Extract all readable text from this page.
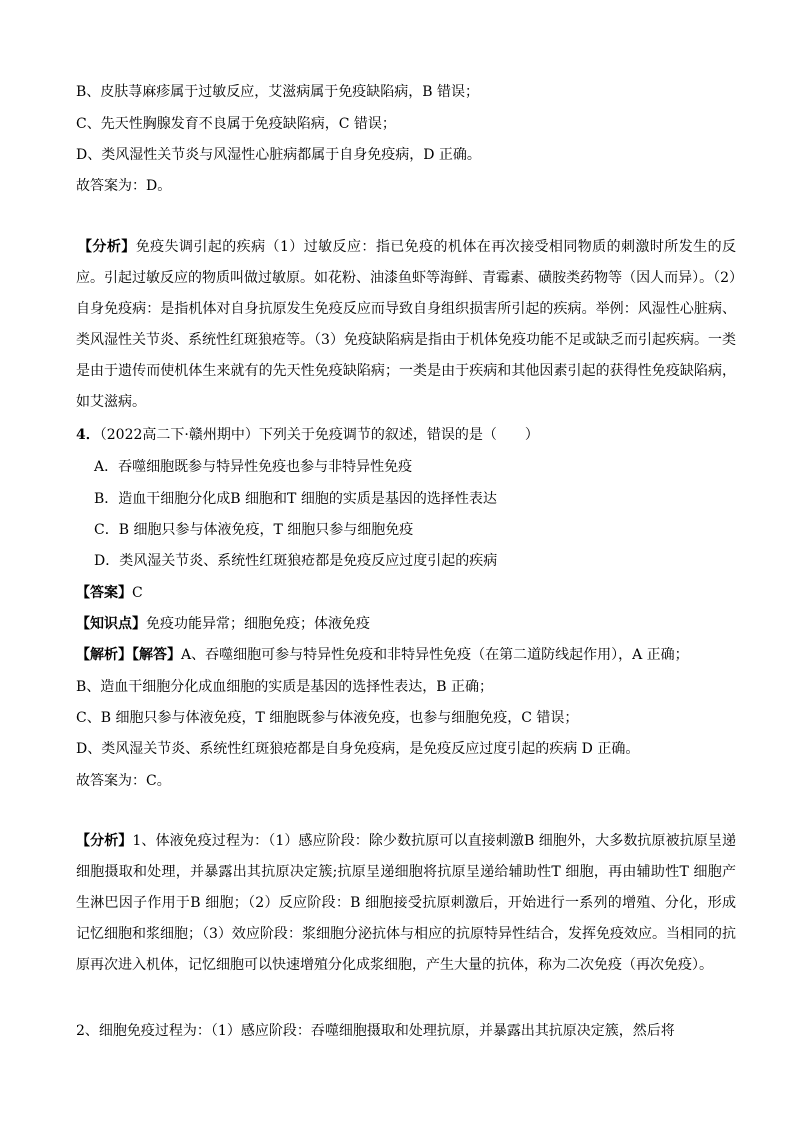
B、皮肤荨麻疹属于过敏反应，艾滋病属于免疫缺陷病，B 错误；
C、先天性胸腺发育不良属于免疫缺陷病，C 错误；
D、类风湿性关节炎与风湿性心脏病都属于自身免疫病，D 正确。
故答案为：D。
【分析】免疫失调引起的疾病（1）过敏反应：指已免疫的机体在再次接受相同物质的刺激时所发生的反应。引起过敏反应的物质叫做过敏原。如花粉、油漆鱼虾等海鲜、青霉素、磺胺类药物等（因人而异）。（2）自身免疫病：是指机体对自身抗原发生免疫反应而导致自身组织损害所引起的疾病。举例：风湿性心脏病、类风湿性关节炎、系统性红斑狼疮等。（3）免疫缺陷病是指由于机体免疫功能不足或缺乏而引起疾病。一类是由于遗传而使机体生来就有的先天性免疫缺陷病；一类是由于疾病和其他因素引起的获得性免疫缺陷病，如艾滋病。
4．（2022高二下·赣州期中）下列关于免疫调节的叙述，错误的是（　　）
A．吞噬细胞既参与特异性免疫也参与非特异性免疫
B．造血干细胞分化成B 细胞和T 细胞的实质是基因的选择性表达
C．B 细胞只参与体液免疫，T 细胞只参与细胞免疫
D．类风湿关节炎、系统性红斑狼疮都是免疫反应过度引起的疾病
【答案】C
【知识点】免疫功能异常；细胞免疫；体液免疫
【解析】【解答】A、吞噬细胞可参与特异性免疫和非特异性免疫（在第二道防线起作用），A 正确；
B、造血干细胞分化成血细胞的实质是基因的选择性表达，B 正确；
C、B 细胞只参与体液免疫，T 细胞既参与体液免疫，也参与细胞免疫，C 错误；
D、类风湿关节炎、系统性红斑狼疮都是自身免疫病，是免疫反应过度引起的疾病 D 正确。
故答案为：C。
【分析】1、体液免疫过程为：（1）感应阶段：除少数抗原可以直接刺激B 细胞外，大多数抗原被抗原呈递细胞摄取和处理，并暴露出其抗原决定簇;抗原呈递细胞将抗原呈递给辅助性T 细胞，再由辅助性T 细胞产生淋巴因子作用于B 细胞；（2）反应阶段：B 细胞接受抗原刺激后，开始进行一系列的增殖、分化，形成记忆细胞和浆细胞；（3）效应阶段：浆细胞分泌抗体与相应的抗原特异性结合，发挥免疫效应。当相同的抗原再次进入机体，记忆细胞可以快速增殖分化成浆细胞，产生大量的抗体，称为二次免疫（再次免疫）。
2、细胞免疫过程为：（1）感应阶段：吞噬细胞摄取和处理抗原，并暴露出其抗原决定簇，然后将
